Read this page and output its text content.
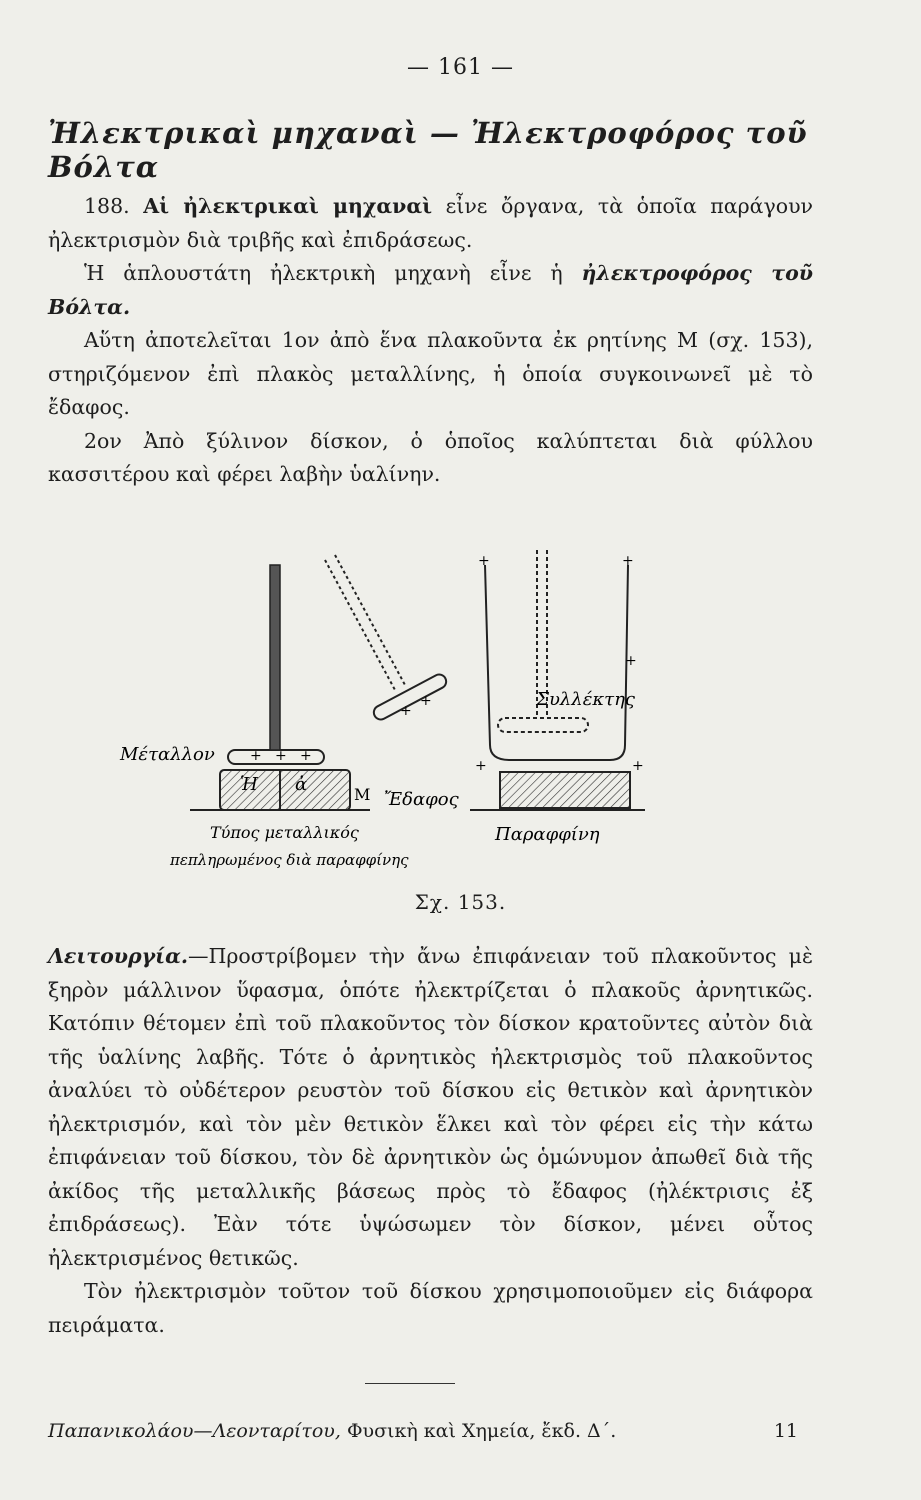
— 161 —
Ἠλεκτρικαὶ μηχαναὶ — Ἠλεκτροφόρος τοῦ Βόλτα

188. Αἱ ἠλεκτρικαὶ μηχαναὶ εἶνε ὄργανα, τὰ ὁποῖα παράγουν ἠλεκτρισμὸν διὰ τριβῆς καὶ ἐπιδράσεως.

Ἡ ἁπλουστάτη ἠλεκτρικὴ μηχανὴ εἶνε ἡ ἠλεκτροφόρος τοῦ Βόλτα.

Αὕτη ἀποτελεῖται 1ον ἀπὸ ἕνα πλακοῦντα ἐκ ρητίνης Μ (σχ. 153), στηριζόμενον ἐπὶ πλακὸς μεταλλίνης, ἡ ὁποία συγκοινωνεῖ μὲ τὸ ἔδαφος.

2ον Ἀπὸ ξύλινον δίσκον, ὁ ὁποῖος καλύπτεται διὰ φύλλου κασσιτέρου καὶ φέρει λαβὴν ὑαλίνην.

Μέταλλον
Ἡ ἀ	M Ἔδαφος
Συλλέκτης
Παραφφίνη
Τύπος μεταλλικός
πεπληρωμένος διὰ παραφφίνης
+ + +
+	+
+
+	+
+
+
Σχ. 153.

Λειτουργία.—Προστρίβομεν τὴν ἄνω ἐπιφάνειαν τοῦ πλακοῦντος μὲ ξηρὸν μάλλινον ὕφασμα, ὁπότε ἠλεκτρίζεται ὁ πλακοῦς ἀρνητικῶς. Κατόπιν θέτομεν ἐπὶ τοῦ πλακοῦντος τὸν δίσκον κρατοῦντες αὐτὸν διὰ τῆς ὑαλίνης λαβῆς. Τότε ὁ ἀρνητικὸς ἠλεκτρισμὸς τοῦ πλακοῦντος ἀναλύει τὸ οὐδέτερον ρευστὸν τοῦ δίσκου εἰς θετικὸν καὶ ἀρνητικὸν ἠλεκτρισμόν, καὶ τὸν μὲν θετικὸν ἕλκει καὶ τὸν φέρει εἰς τὴν κάτω ἐπιφάνειαν τοῦ δίσκου, τὸν δὲ ἀρνητικὸν ὡς ὁμώνυμον ἀπωθεῖ διὰ τῆς ἀκίδος τῆς μεταλλικῆς βάσεως πρὸς τὸ ἔδαφος (ἠλέκτρισις ἐξ ἐπιδράσεως). Ἐὰν τότε ὑψώσωμεν τὸν δίσκον, μένει οὗτος ἠλεκτρισμένος θετικῶς.

Τὸν ἠλεκτρισμὸν τοῦτον τοῦ δίσκου χρησιμοποιοῦμεν εἰς διάφορα πειράματα.

Παπανικολάου—Λεονταρίτου, Φυσικὴ καὶ Χημεία, ἔκδ. Δ΄.	11
